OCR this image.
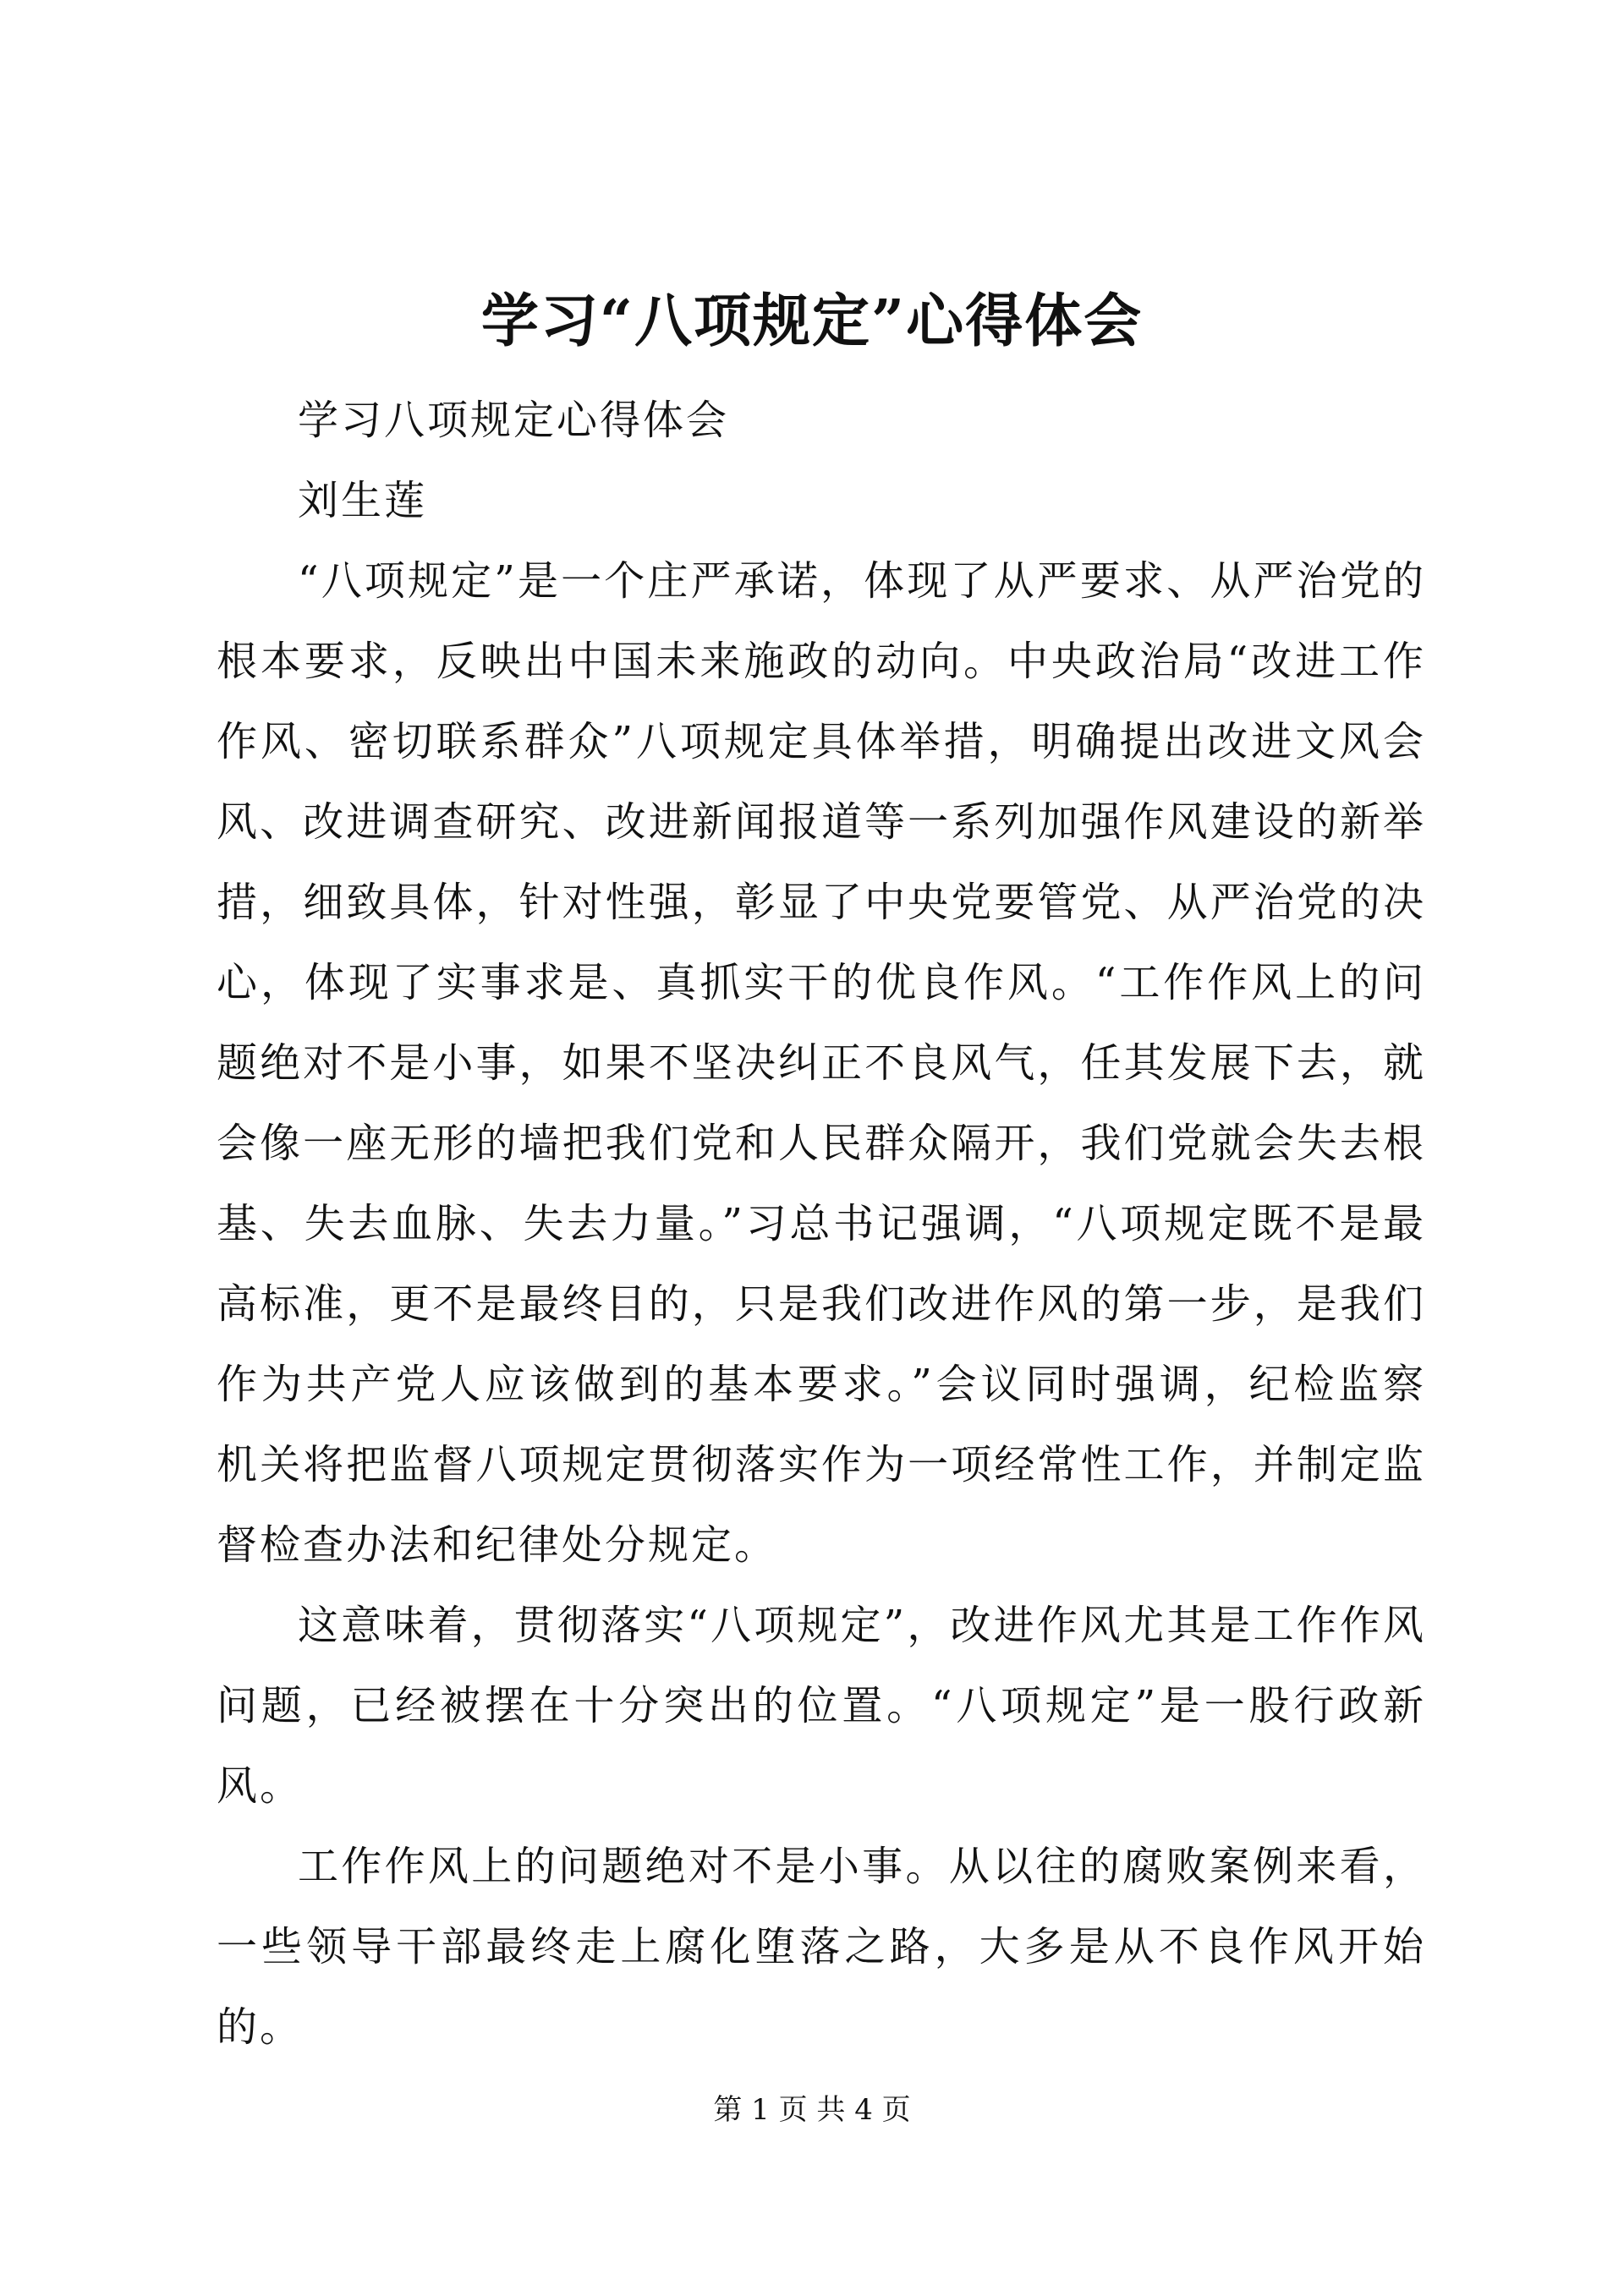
学习“八项规定”心得体会

学习八项规定心得体会

刘生莲

“八项规定”是一个庄严承诺，体现了从严要求、从严治党的根本要求，反映出中国未来施政的动向。中央政治局“改进工作作风、密切联系群众”八项规定具体举措，明确提出改进文风会风、改进调查研究、改进新闻报道等一系列加强作风建设的新举措，细致具体，针对性强，彰显了中央党要管党、从严治党的决心，体现了实事求是、真抓实干的优良作风。“工作作风上的问题绝对不是小事，如果不坚决纠正不良风气，任其发展下去，就会像一座无形的墙把我们党和人民群众隔开，我们党就会失去根基、失去血脉、失去力量。”习总书记强调，“八项规定既不是最高标准，更不是最终目的，只是我们改进作风的第一步，是我们作为共产党人应该做到的基本要求。”会议同时强调，纪检监察机关将把监督八项规定贯彻落实作为一项经常性工作，并制定监督检查办法和纪律处分规定。

这意味着，贯彻落实“八项规定”，改进作风尤其是工作作风问题，已经被摆在十分突出的位置。“八项规定”是一股行政新风。

工作作风上的问题绝对不是小事。从以往的腐败案例来看，一些领导干部最终走上腐化堕落之路，大多是从不良作风开始的。

第 1 页 共 4 页
